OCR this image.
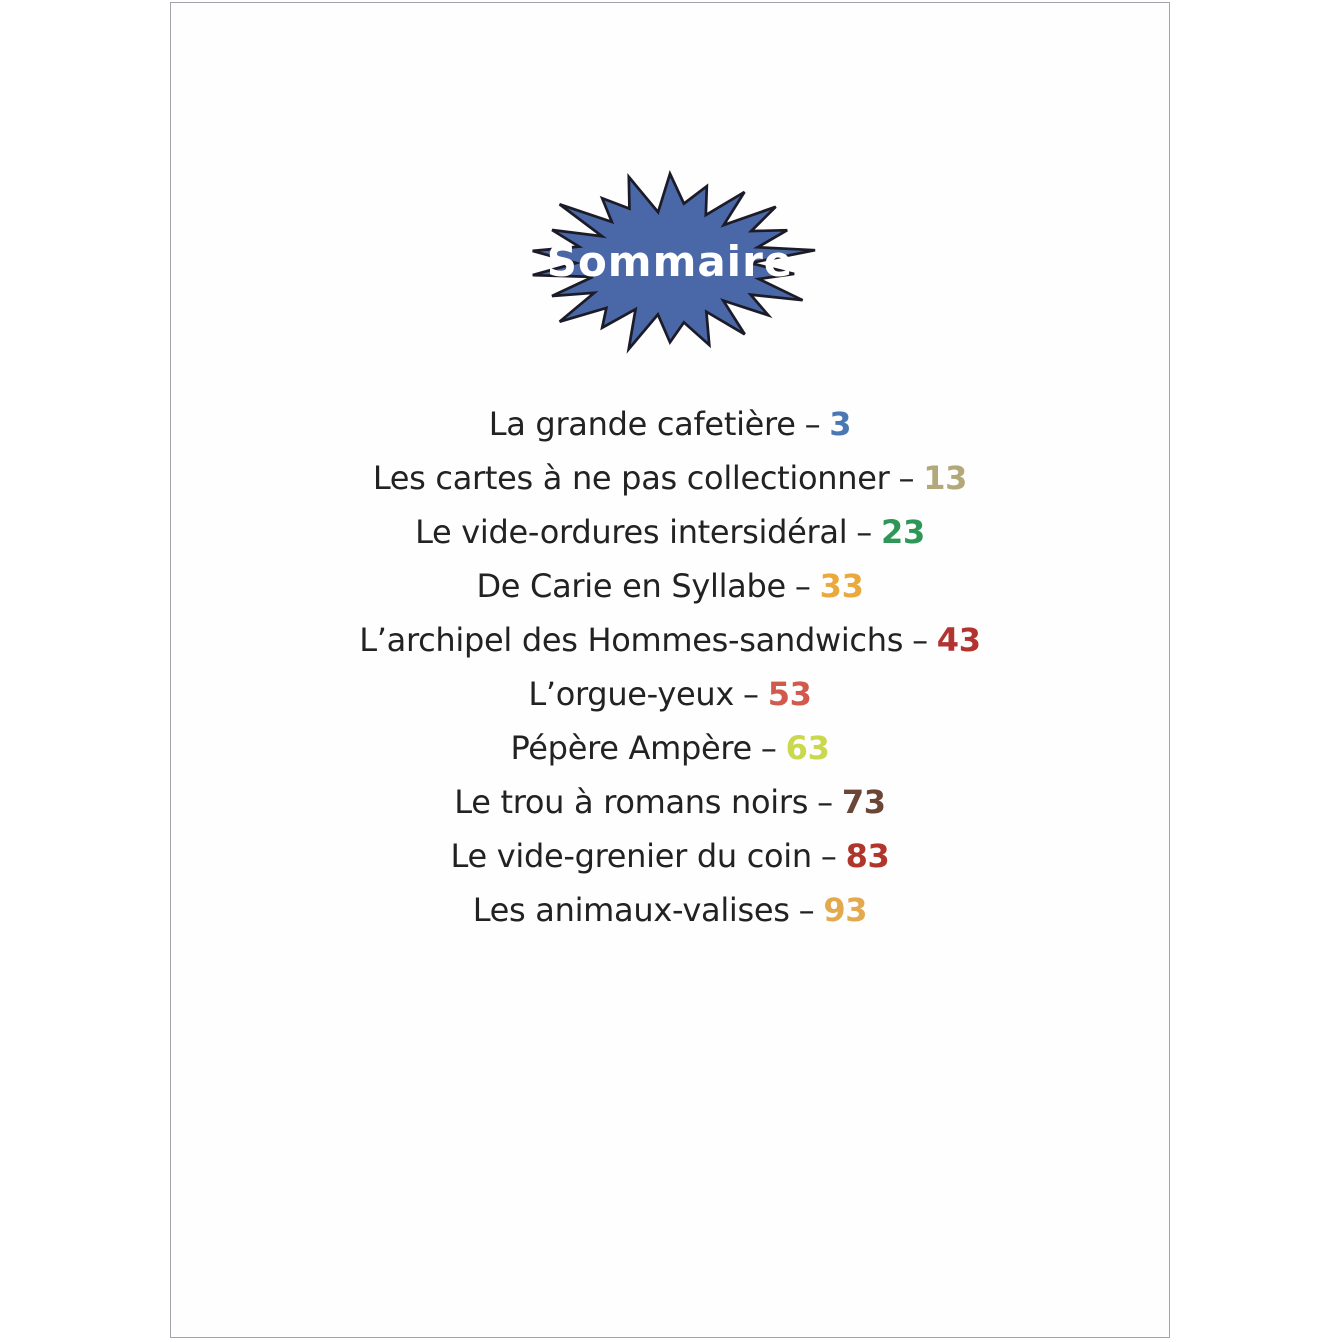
Sommaire
La grande cafetière – 3
Les cartes à ne pas collectionner – 13
Le vide-ordures intersidéral – 23
De Carie en Syllabe – 33
L’archipel des Hommes-sandwichs – 43
L’orgue-yeux – 53
Pépère Ampère – 63
Le trou à romans noirs – 73
Le vide-grenier du coin – 83
Les animaux-valises – 93
